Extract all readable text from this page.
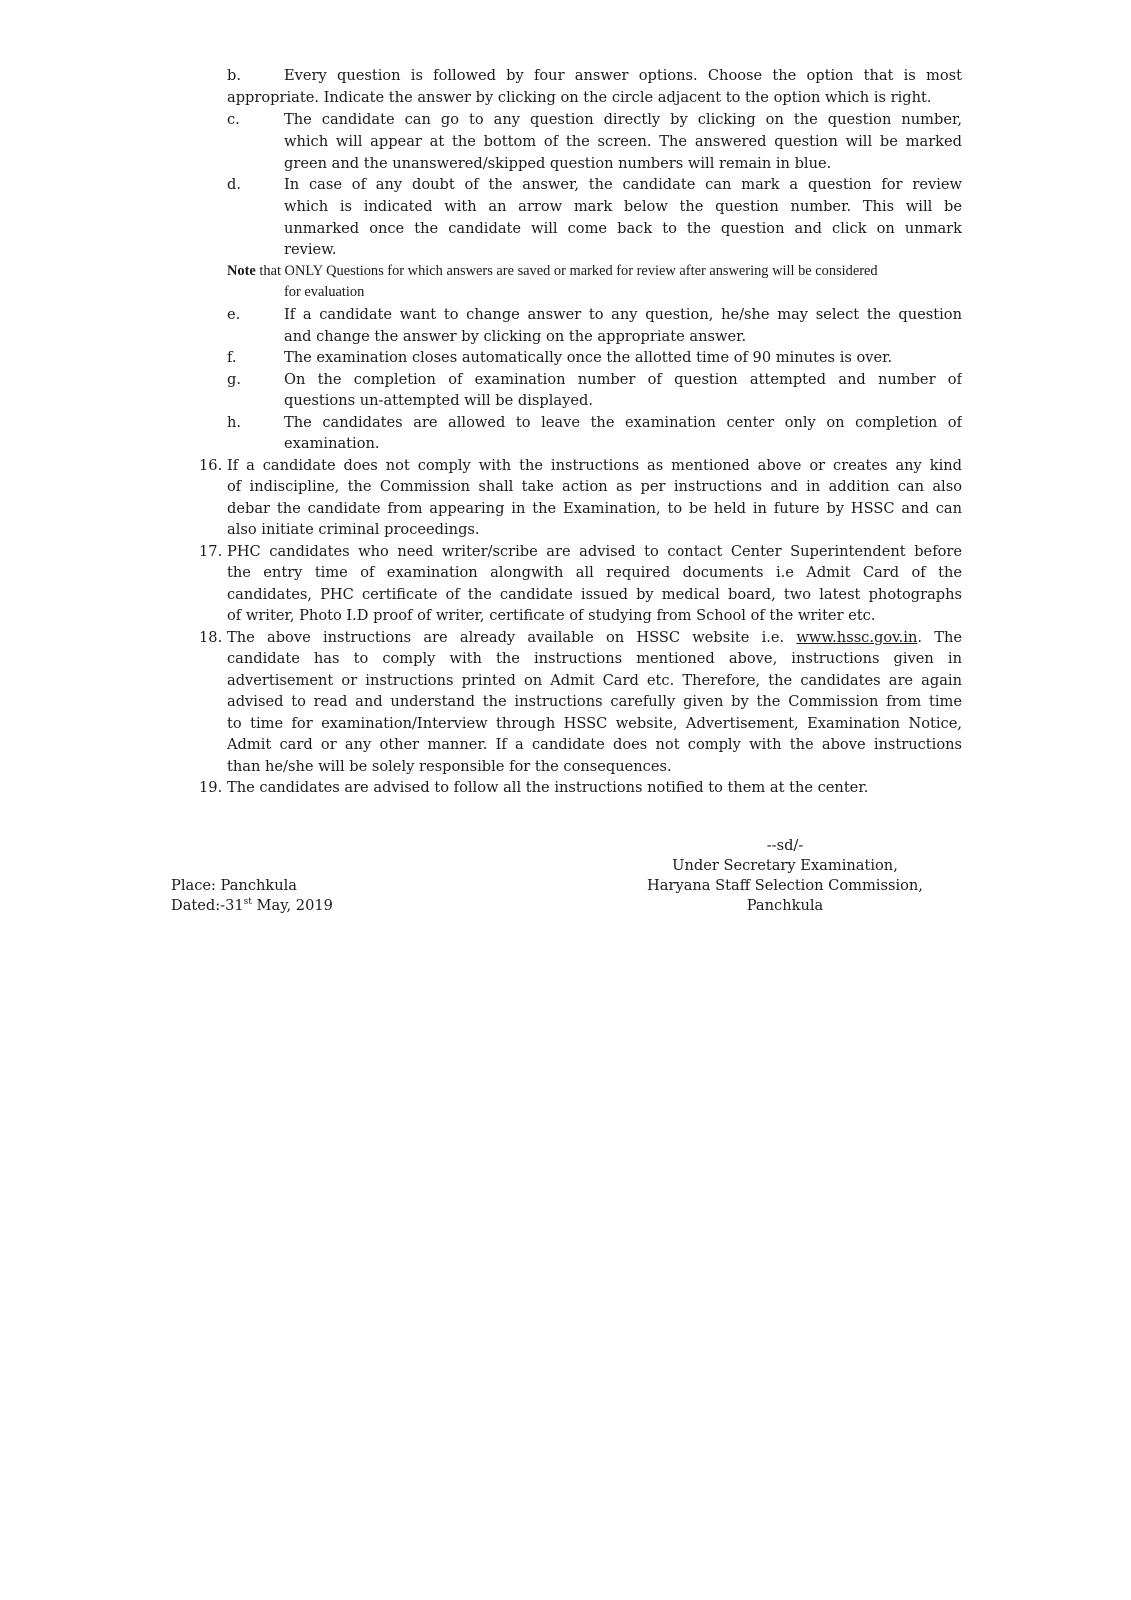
b.	Every question is followed by four answer options. Choose the option that is most
appropriate. Indicate the answer by clicking on the circle adjacent to the option which is right.
c.	The candidate can go to any question directly by clicking on the question number,
which will appear at the bottom of the screen. The answered question will be marked
green and the unanswered/skipped question numbers will remain in blue.
d.	In case of any doubt of the answer, the candidate can mark a question for review
which is indicated with an arrow mark below the question number. This will be
unmarked once the candidate will come back to the question and click on unmark
review.
Note that ONLY Questions for which answers are saved or marked for review after answering will be considered
for evaluation
e.	If a candidate want to change answer to any question, he/she may select the question
and change the answer by clicking on the appropriate answer.
f.	The examination closes automatically once the allotted time of 90 minutes is over.
g.	On the completion of examination number of question attempted and number of
questions un-attempted will be displayed.
h.	The candidates are allowed to leave the examination center only on completion of
examination.
16. If a candidate does not comply with the instructions as mentioned above or creates any kind
of indiscipline, the Commission shall take action as per instructions and in addition can also
debar the candidate from appearing in the Examination, to be held in future by HSSC and can
also initiate criminal proceedings.
17. PHC candidates who need writer/scribe are advised to contact Center Superintendent before
the entry time of examination alongwith all required documents i.e Admit Card of the
candidates, PHC certificate of the candidate issued by medical board, two latest photographs
of writer, Photo I.D proof of writer, certificate of studying from School of the writer etc.
18. The above instructions are already available on HSSC website i.e. www.hssc.gov.in. The
candidate has to comply with the instructions mentioned above, instructions given in
advertisement or instructions printed on Admit Card etc. Therefore, the candidates are again
advised to read and understand the instructions carefully given by the Commission from time
to time for examination/Interview through HSSC website, Advertisement, Examination Notice,
Admit card or any other manner. If a candidate does not comply with the above instructions
than he/she will be solely responsible for the consequences.
19. The candidates are advised to follow all the instructions notified to them at the center.
Place: Panchkula
Dated:-31st May, 2019
--sd/-
Under Secretary Examination,
Haryana Staff Selection Commission,
Panchkula
